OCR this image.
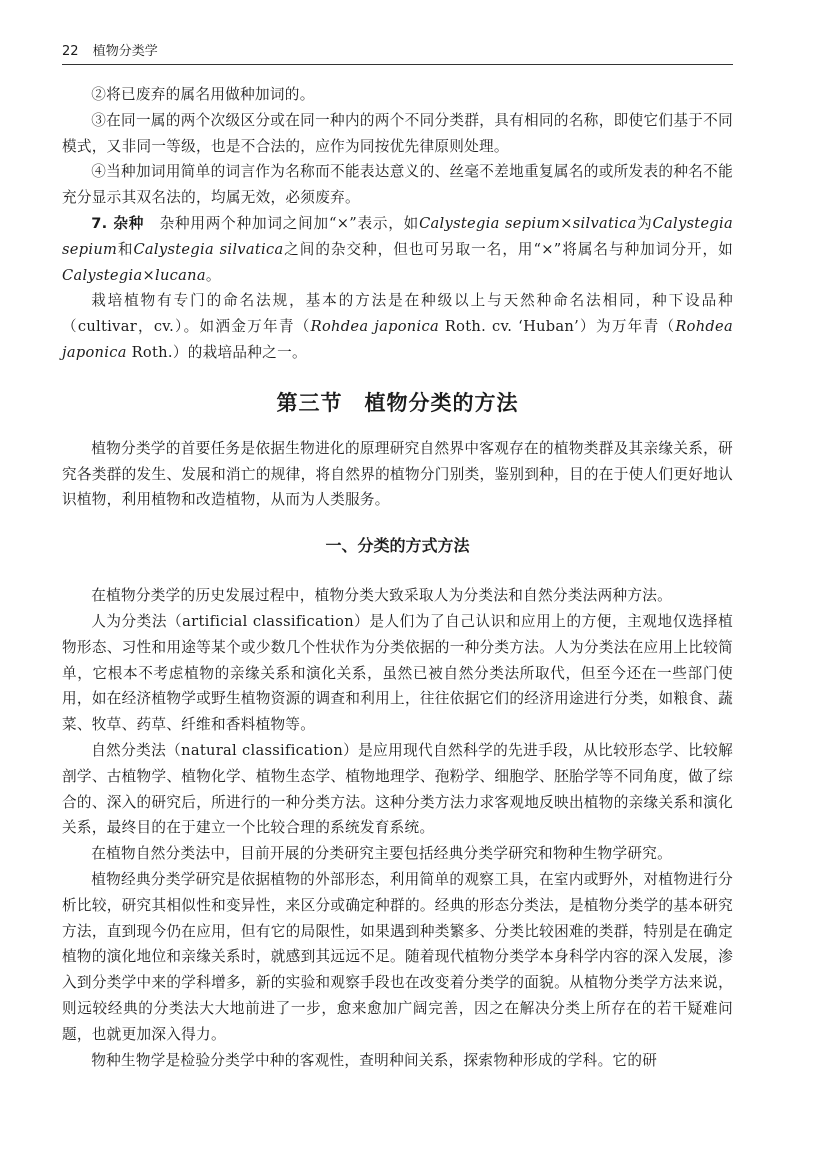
22 植物分类学

②将已废弃的属名用做种加词的。

③在同一属的两个次级区分或在同一种内的两个不同分类群，具有相同的名称，即使它们基于不同模式，又非同一等级，也是不合法的，应作为同按优先律原则处理。

④当种加词用简单的词言作为名称而不能表达意义的、丝毫不差地重复属名的或所发表的种名不能充分显示其双名法的，均属无效，必须废弃。

7. 杂种  杂种用两个种加词之间加“×”表示，如Calystegia sepium×silvatica为Calystegia sepium和Calystegia silvatica之间的杂交种，但也可另取一名，用“×”将属名与种加词分开，如Calystegia×lucana。

栽培植物有专门的命名法规，基本的方法是在种级以上与天然种命名法相同，种下设品种（cultivar，cv.）。如洒金万年青（Rohdea japonica Roth. cv. ‘Huban’）为万年青（Rohdea japonica Roth.）的栽培品种之一。

第三节　植物分类的方法

植物分类学的首要任务是依据生物进化的原理研究自然界中客观存在的植物类群及其亲缘关系，研究各类群的发生、发展和消亡的规律，将自然界的植物分门别类，鉴别到种，目的在于使人们更好地认识植物，利用植物和改造植物，从而为人类服务。

一、分类的方式方法

在植物分类学的历史发展过程中，植物分类大致采取人为分类法和自然分类法两种方法。

人为分类法（artificial classification）是人们为了自己认识和应用上的方便，主观地仅选择植物形态、习性和用途等某个或少数几个性状作为分类依据的一种分类方法。人为分类法在应用上比较简单，它根本不考虑植物的亲缘关系和演化关系，虽然已被自然分类法所取代，但至今还在一些部门使用，如在经济植物学或野生植物资源的调查和利用上，往往依据它们的经济用途进行分类，如粮食、蔬菜、牧草、药草、纤维和香料植物等。

自然分类法（natural classification）是应用现代自然科学的先进手段，从比较形态学、比较解剖学、古植物学、植物化学、植物生态学、植物地理学、孢粉学、细胞学、胚胎学等不同角度，做了综合的、深入的研究后，所进行的一种分类方法。这种分类方法力求客观地反映出植物的亲缘关系和演化关系，最终目的在于建立一个比较合理的系统发育系统。

在植物自然分类法中，目前开展的分类研究主要包括经典分类学研究和物种生物学研究。

植物经典分类学研究是依据植物的外部形态，利用简单的观察工具，在室内或野外，对植物进行分析比较，研究其相似性和变异性，来区分或确定种群的。经典的形态分类法，是植物分类学的基本研究方法，直到现今仍在应用，但有它的局限性，如果遇到种类繁多、分类比较困难的类群，特别是在确定植物的演化地位和亲缘关系时，就感到其远远不足。随着现代植物分类学本身科学内容的深入发展，渗入到分类学中来的学科增多，新的实验和观察手段也在改变着分类学的面貌。从植物分类学方法来说，则远较经典的分类法大大地前进了一步，愈来愈加广阔完善，因之在解决分类上所存在的若干疑难问题，也就更加深入得力。

物种生物学是检验分类学中种的客观性，查明种间关系，探索物种形成的学科。它的研
